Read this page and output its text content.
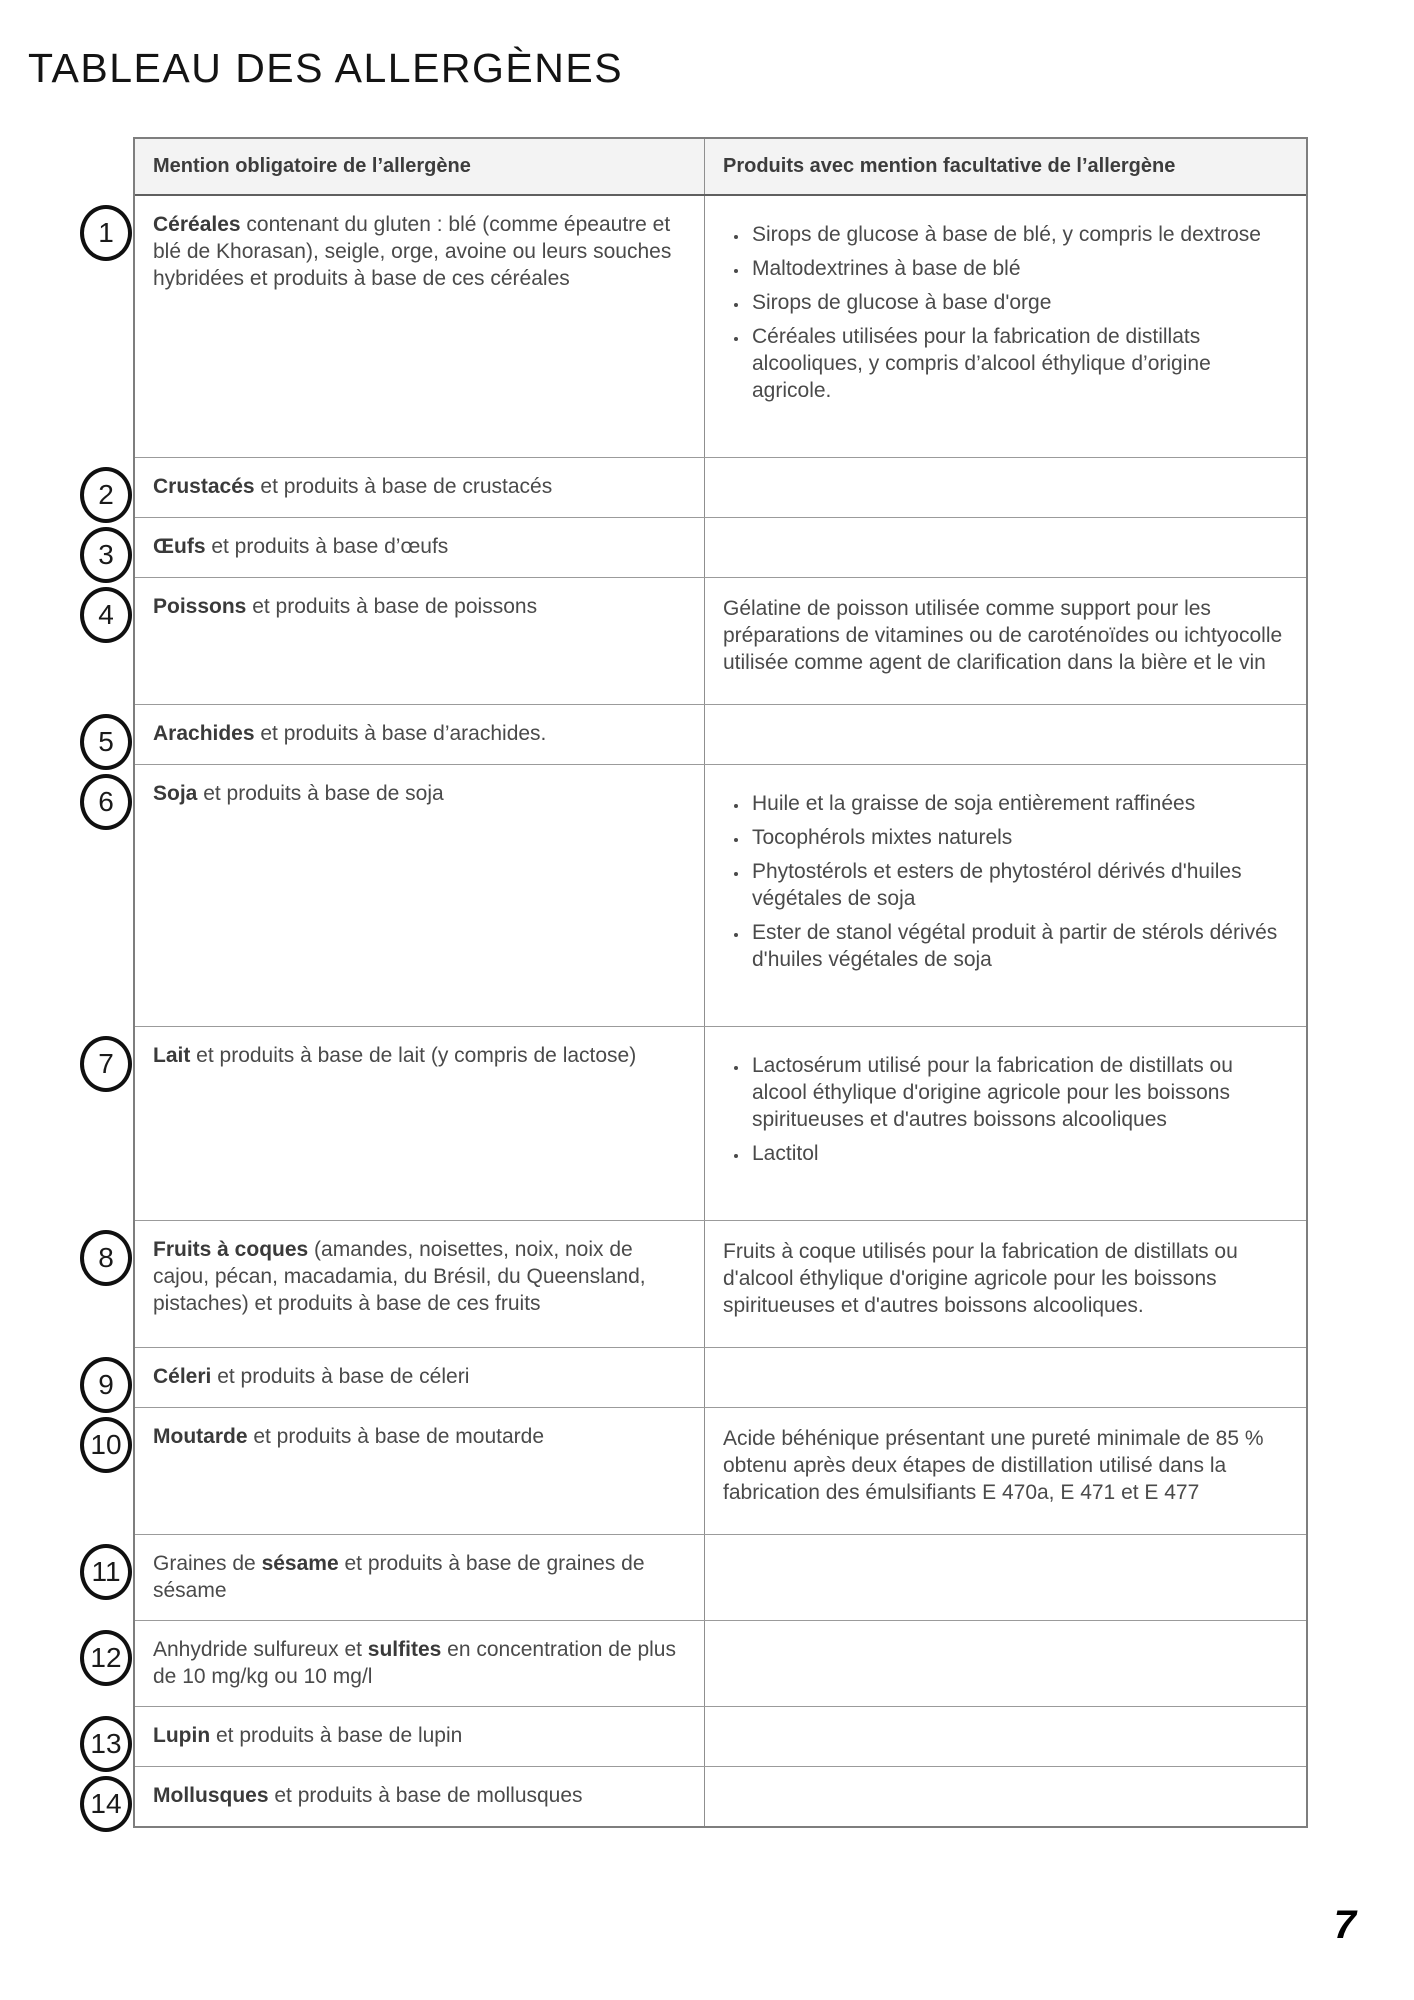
TABLEAU DES ALLERGÈNES
Mention obligatoire de l’allergène	Produits avec mention facultative de l’allergène
1	Céréales contenant du gluten : blé (comme épeautre et blé de Khorasan), seigle, orge, avoine ou leurs souches hybridées et produits à base de ces céréales
• Sirops de glucose à base de blé, y compris le dextrose
• Maltodextrines à base de blé
• Sirops de glucose à base d'orge
• Céréales utilisées pour la fabrication de distillats alcooliques, y compris d’alcool éthylique d’origine agricole.
2	Crustacés et produits à base de crustacés
3	Œufs et produits à base d’œufs
4	Poissons et produits à base de poissons	Gélatine de poisson utilisée comme support pour les préparations de vitamines ou de caroténoïdes ou ichtyocolle utilisée comme agent de clarification dans la bière et le vin
5	Arachides et produits à base d’arachides.
6	Soja et produits à base de soja	• Huile et la graisse de soja entièrement raffinées
• Tocophérols mixtes naturels
• Phytostérols et esters de phytostérol dérivés d'huiles végétales de soja
• Ester de stanol végétal produit à partir de stérols dérivés d'huiles végétales de soja
7	Lait et produits à base de lait (y compris de lactose)	• Lactosérum utilisé pour la fabrication de distillats ou alcool éthylique d'origine agricole pour les boissons spiritueuses et d'autres boissons alcooliques
• Lactitol
8	Fruits à coques (amandes, noisettes, noix, noix de cajou, pécan, macadamia, du Brésil, du Queensland, pistaches) et produits à base de ces fruits
Fruits à coque utilisés pour la fabrication de distillats ou d'alcool éthylique d'origine agricole pour les boissons spiritueuses et d'autres boissons alcooliques.
9	Céleri et produits à base de céleri
10	Moutarde et produits à base de moutarde	Acide béhénique présentant une pureté minimale de 85 % obtenu après deux étapes de distillation utilisé dans la fabrication des émulsifiants E 470a, E 471 et E 477
11	Graines de sésame et produits à base de graines de sésame
12	Anhydride sulfureux et sulfites en concentration de plus de 10 mg/kg ou 10 mg/l
13	Lupin et produits à base de lupin
14	Mollusques et produits à base de mollusques
7
